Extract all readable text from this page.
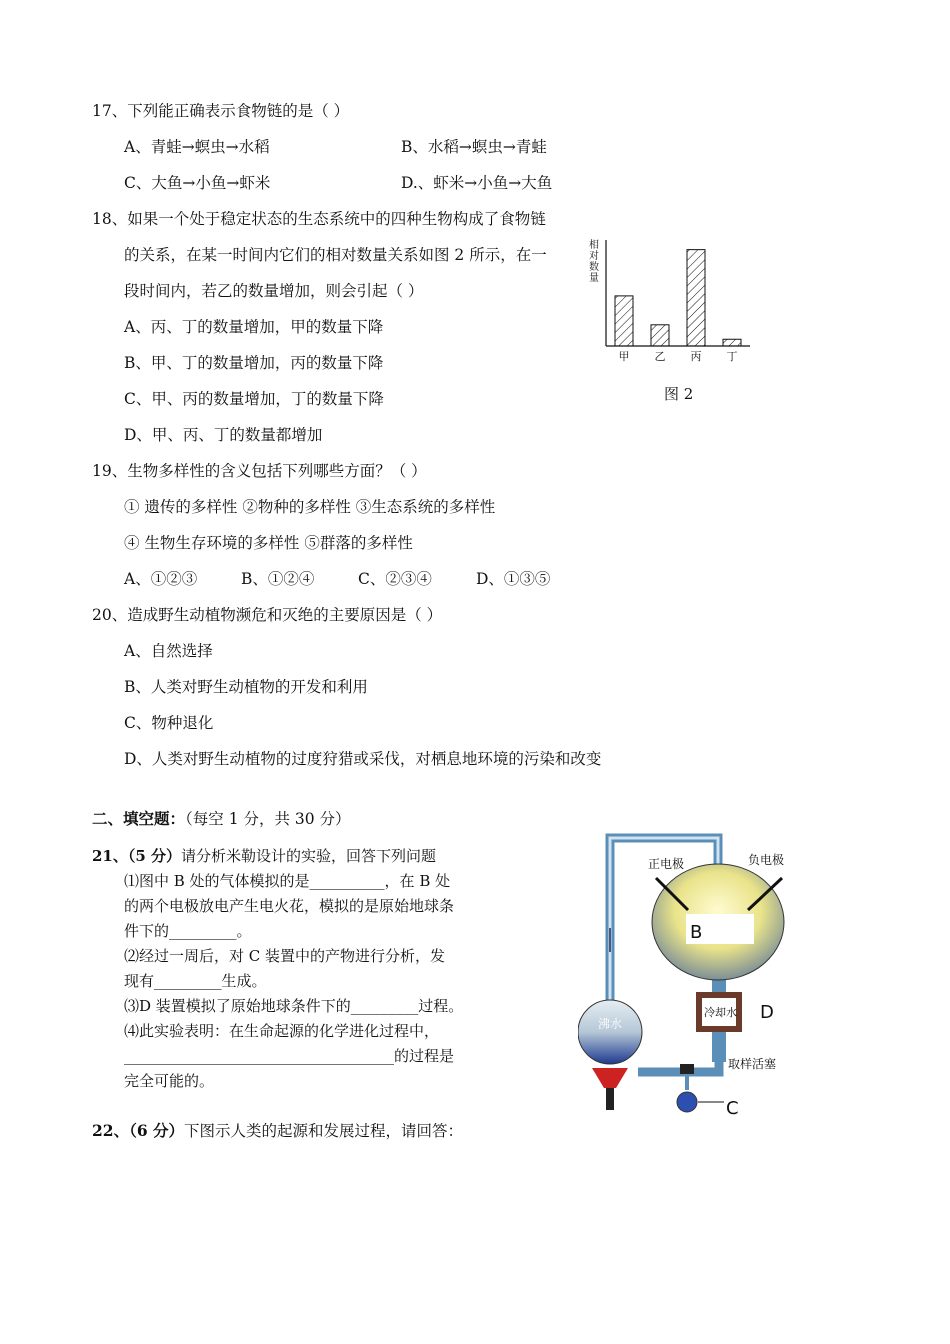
17、下列能正确表示食物链的是（ ）
A、青蛙→螟虫→水稻	B、水稻→螟虫→青蛙
C、大鱼→小鱼→虾米	D.、虾米→小鱼→大鱼
18、如果一个处于稳定状态的生态系统中的四种生物构成了食物链
的关系，在某一时间内它们的相对数量关系如图 2 所示，在一
段时间内，若乙的数量增加，则会引起（ ）
A、丙、丁的数量增加，甲的数量下降
B、甲、丁的数量增加，丙的数量下降
C、甲、丙的数量增加，丁的数量下降
D、甲、丙、丁的数量都增加
相
对
数
量
甲 乙 丙 丁
图 2
19、生物多样性的含义包括下列哪些方面？（ ）
① 遗传的多样性 ②物种的多样性 ③生态系统的多样性
④ 生物生存环境的多样性 ⑤群落的多样性
A、①②③	B、①②④	C、②③④	D、①③⑤
20、造成野生动植物濒危和灭绝的主要原因是（ ）
A、自然选择
B、人类对野生动植物的开发和利用
C、物种退化
D、人类对野生动植物的过度狩猎或采伐，对栖息地环境的污染和改变
二、填空题：（每空 1 分，共 30 分）
21、（5 分）请分析米勒设计的实验，回答下列问题
⑴图中 B 处的气体模拟的是__________，在 B 处
的两个电极放电产生电火花，模拟的是原始地球条
件下的_________。
⑵经过一周后，对 C 装置中的产物进行分析，发
现有_________生成。
⑶D 装置模拟了原始地球条件下的_________过程。
⑷此实验表明：在生命起源的化学进化过程中，
____________________________________的过程是
完全可能的。
正电极	负电极
B
冷却水 D
沸水
取样活塞
C
22、（6 分）下图示人类的起源和发展过程，请回答：
